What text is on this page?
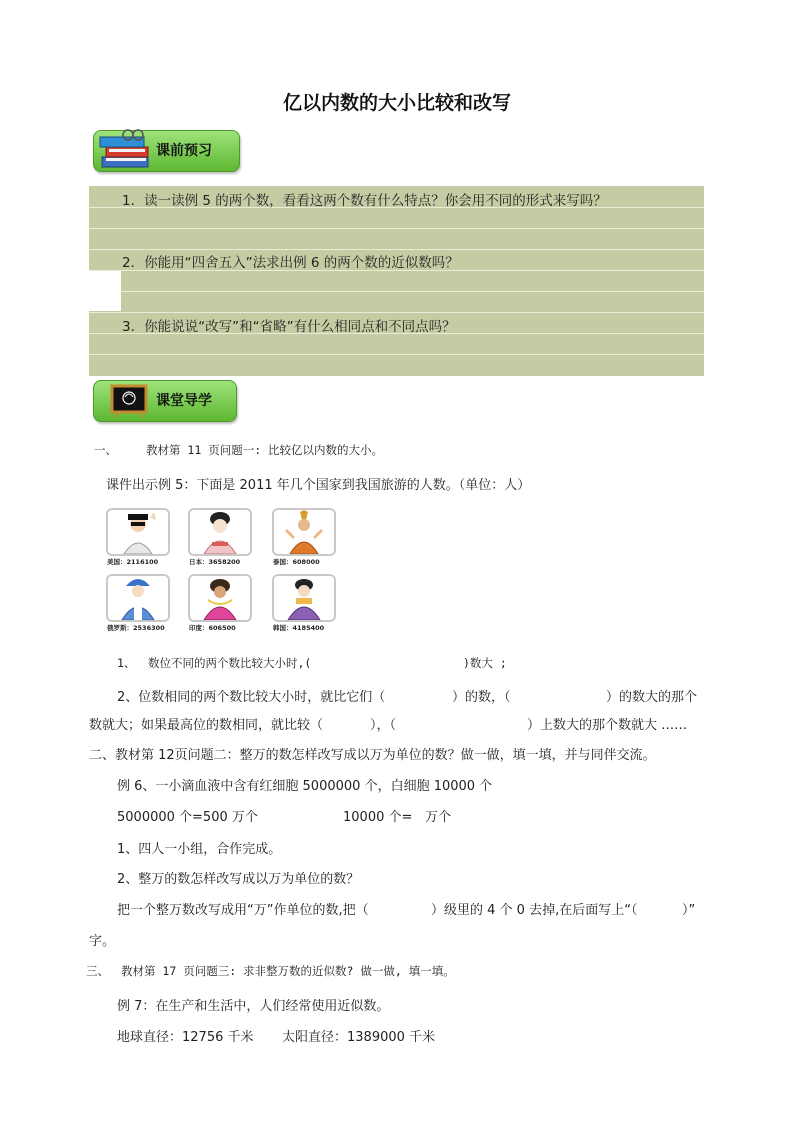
亿以内数的大小比较和改写
课前预习
1．读一读例 5 的两个数，看看这两个数有什么特点？你会用不同的形式来写吗？
2．你能用“四舍五入”法求出例 6 的两个数的近似数吗？
3．你能说说“改写”和“省略”有什么相同点和不同点吗？
课堂导学
一、	教材第 11 页问题一: 比较亿以内数的大小。
课件出示例 5：下面是 2011 年几个国家到我国旅游的人数。（单位：人）
美国：2116100	日本：3658200	泰国：608000
俄罗斯：2536300	印度：606500	韩国：4185400
1、 数位不同的两个数比较大小时,(	)数大 ;
2、位数相同的两个数比较大小时，就比它们（	）的数，（	）的数大的那个
数就大；如果最高位的数相同，就比较（	），（	）上数大的那个数就大 ……
二、教材第 12页问题二：整万的数怎样改写成以万为单位的数？做一做，填一填，并与同伴交流。
例 6、一小滴血液中含有红细胞 5000000 个，白细胞 10000 个
5000000 个=500 万个	10000 个= 万个
1、四人一小组，合作完成。
2、整万的数怎样改写成以万为单位的数？
把一个整万数改写成用“万”作单位的数,把（	）级里的 4 个 0 去掉,在后面写上“（	）”
字。
三、 教材第 17 页问题三: 求非整万数的近似数? 做一做, 填一填。
例 7：在生产和生活中，人们经常使用近似数。
地球直径：12756 千米 太阳直径：1389000 千米
